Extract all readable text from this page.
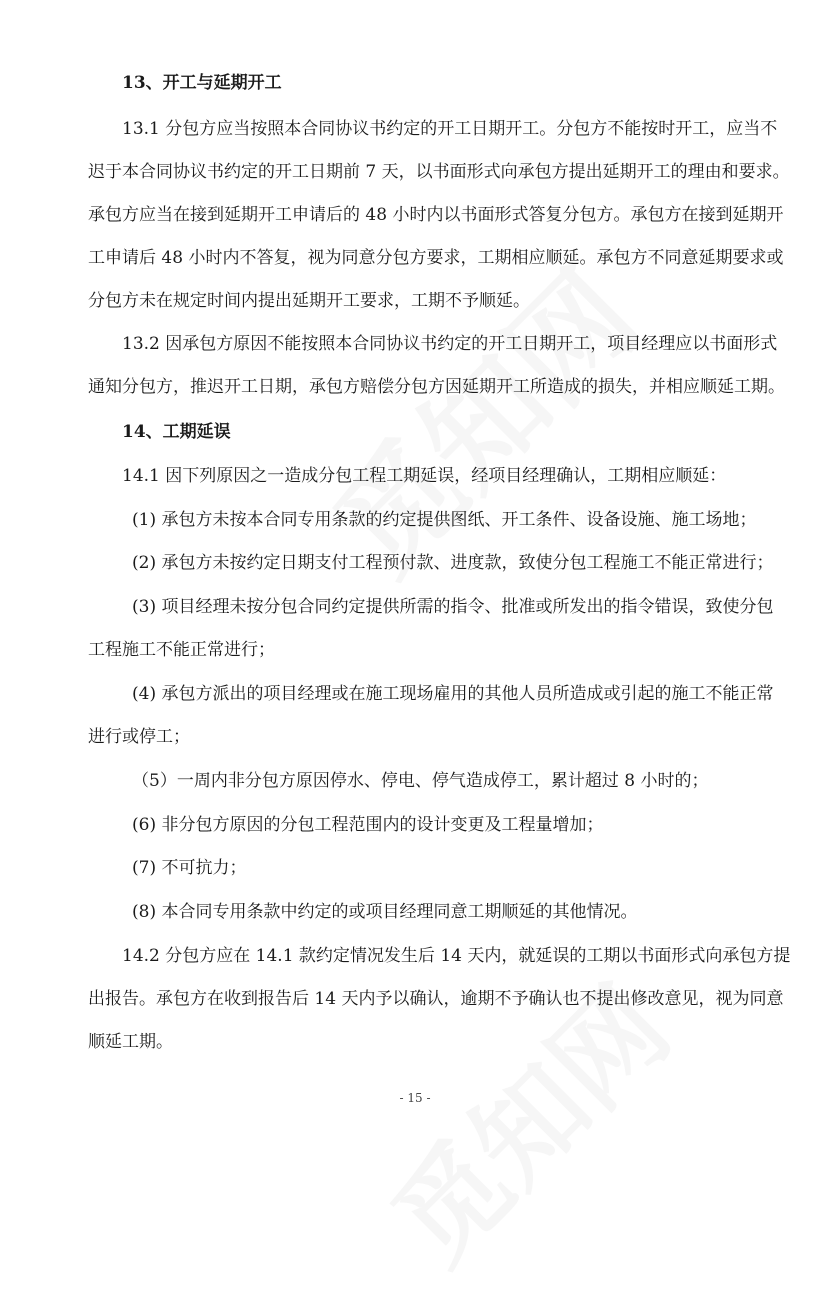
13、开工与延期开工
13.1 分包方应当按照本合同协议书约定的开工日期开工。分包方不能按时开工，应当不
迟于本合同协议书约定的开工日期前 7 天，以书面形式向承包方提出延期开工的理由和要求。
承包方应当在接到延期开工申请后的 48 小时内以书面形式答复分包方。承包方在接到延期开
工申请后 48 小时内不答复，视为同意分包方要求，工期相应顺延。承包方不同意延期要求或
分包方未在规定时间内提出延期开工要求，工期不予顺延。
13.2 因承包方原因不能按照本合同协议书约定的开工日期开工，项目经理应以书面形式
通知分包方，推迟开工日期，承包方赔偿分包方因延期开工所造成的损失，并相应顺延工期。
14、工期延误
14.1 因下列原因之一造成分包工程工期延误，经项目经理确认，工期相应顺延：
(1) 承包方未按本合同专用条款的约定提供图纸、开工条件、设备设施、施工场地；
(2) 承包方未按约定日期支付工程预付款、进度款，致使分包工程施工不能正常进行；
(3) 项目经理未按分包合同约定提供所需的指令、批准或所发出的指令错误，致使分包
工程施工不能正常进行；
(4) 承包方派出的项目经理或在施工现场雇用的其他人员所造成或引起的施工不能正常
进行或停工；
（5）一周内非分包方原因停水、停电、停气造成停工，累计超过 8 小时的；
(6) 非分包方原因的分包工程范围内的设计变更及工程量增加；
(7) 不可抗力；
(8) 本合同专用条款中约定的或项目经理同意工期顺延的其他情况。
14.2 分包方应在 14.1 款约定情况发生后 14 天内，就延误的工期以书面形式向承包方提
出报告。承包方在收到报告后 14 天内予以确认，逾期不予确认也不提出修改意见，视为同意
顺延工期。
- 15 -
